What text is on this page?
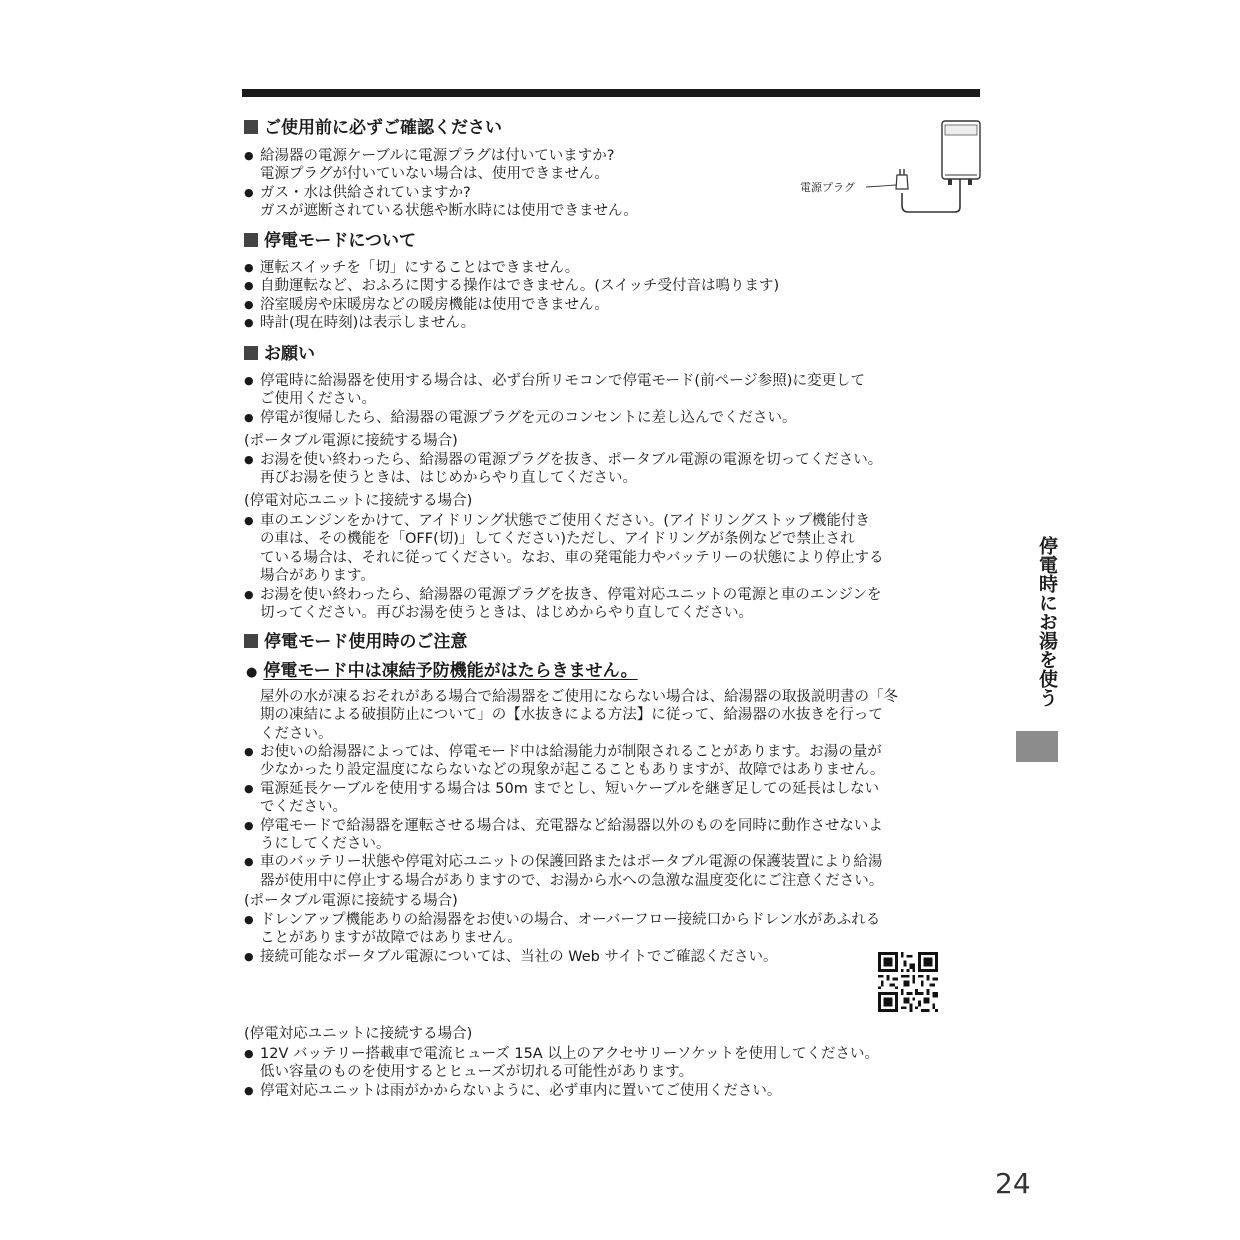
ご使用前に必ずご確認ください
● 給湯器の電源ケーブルに電源プラグは付いていますか?
電源プラグが付いていない場合は、使用できません。
● ガス・水は供給されていますか?
ガスが遮断されている状態や断水時には使用できません。
電源プラグ
停電モードについて
● 運転スイッチを「切」にすることはできません。
● 自動運転など、おふろに関する操作はできません。(スイッチ受付音は鳴ります)
● 浴室暖房や床暖房などの暖房機能は使用できません。
● 時計(現在時刻)は表示しません。
お願い
● 停電時に給湯器を使用する場合は、必ず台所リモコンで停電モード(前ページ参照)に変更して
ご使用ください。
● 停電が復帰したら、給湯器の電源プラグを元のコンセントに差し込んでください。
(ポータブル電源に接続する場合)
● お湯を使い終わったら、給湯器の電源プラグを抜き、ポータブル電源の電源を切ってください。
再びお湯を使うときは、はじめからやり直してください。
(停電対応ユニットに接続する場合)
● 車のエンジンをかけて、アイドリング状態でご使用ください。(アイドリングストップ機能付き
の車は、その機能を「OFF(切)」してください)ただし、アイドリングが条例などで禁止され
ている場合は、それに従ってください。なお、車の発電能力やバッテリーの状態により停止する
場合があります。
● お湯を使い終わったら、給湯器の電源プラグを抜き、停電対応ユニットの電源と車のエンジンを
切ってください。再びお湯を使うときは、はじめからやり直してください。
停電モード使用時のご注意
● 停電モード中は凍結予防機能がはたらきません。
屋外の水が凍るおそれがある場合で給湯器をご使用にならない場合は、給湯器の取扱説明書の「冬
期の凍結による破損防止について」の【水抜きによる方法】に従って、給湯器の水抜きを行って
ください。
● お使いの給湯器によっては、停電モード中は給湯能力が制限されることがあります。お湯の量が
少なかったり設定温度にならないなどの現象が起こることもありますが、故障ではありません。
● 電源延長ケーブルを使用する場合は 50m までとし、短いケーブルを継ぎ足しての延長はしない
でください。
● 停電モードで給湯器を運転させる場合は、充電器など給湯器以外のものを同時に動作させないよ
うにしてください。
● 車のバッテリー状態や停電対応ユニットの保護回路またはポータブル電源の保護装置により給湯
器が使用中に停止する場合がありますので、お湯から水への急激な温度変化にご注意ください。
(ポータブル電源に接続する場合)
● ドレンアップ機能ありの給湯器をお使いの場合、オーバーフロー接続口からドレン水があふれる
ことがありますが故障ではありません。
● 接続可能なポータブル電源については、当社の Web サイトでご確認ください。
(停電対応ユニットに接続する場合)
● 12V バッテリー搭載車で電流ヒューズ 15A 以上のアクセサリーソケットを使用してください。
低い容量のものを使用するとヒューズが切れる可能性があります。
● 停電対応ユニットは雨がかからないように、必ず車内に置いてご使用ください。
停電時にお湯を使う
24
